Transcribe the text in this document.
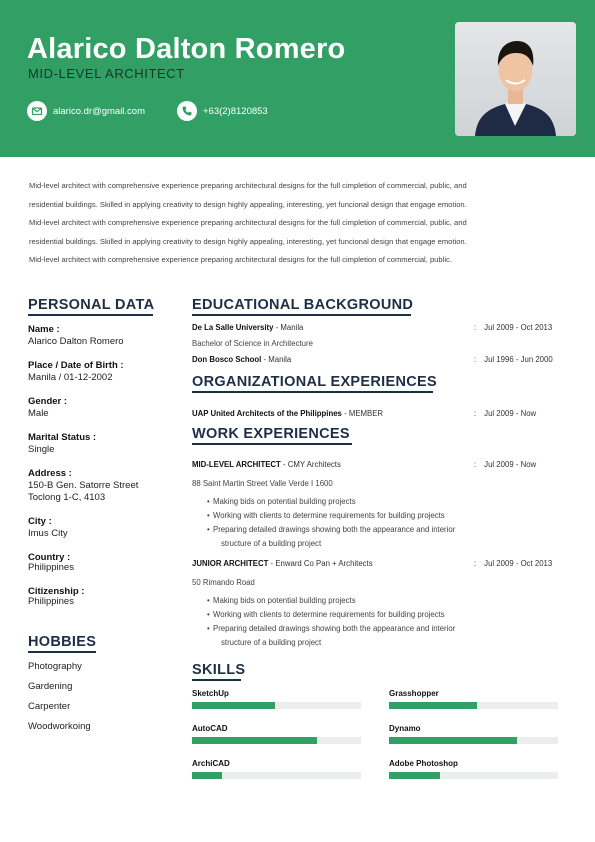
Alarico Dalton Romero
MID-LEVEL ARCHITECT
alarico.dr@gmail.com	+63(2)8120853

Mid-level architect with comprehensive experience preparing architectural designs for the full cimpletion of commercial, public, and

residential buildings. Skilled in applying creativity to design highly appealing, interesting, yet funcional design that engage emotion.

Mid-level architect with comprehensive experience preparing architectural designs for the full cimpletion of commercial, public, and

residential buildings. Skilled in applying creativity to design highly appealing, interesting, yet funcional design that engage emotion.

Mid-level architect with comprehensive experience preparing architectural designs for the full cimpletion of commercial, public.

PERSONAL DATA
Name :
Alarico Dalton Romero
Place / Date of Birth :
Manila / 01-12-2002
Gender :
Male
Marital Status :
Single
Address :
150-B Gen. Satorre Street
Toclong 1-C, 4103
City :
Imus City
Country :
Philippines
Citizenship :
Philippines
HOBBIES
Photography
Gardening
Carpenter
Woodworkoing
EDUCATIONAL BACKGROUND
De La Salle University - Manila	: Jul 2009 - Oct 2013
Bachelor of Science in Architecture
Don Bosco School - Manila	: Jul 1996 - Jun 2000
ORGANIZATIONAL EXPERIENCES
UAP United Architects of the Philippines - MEMBER	: Jul 2009 - Now
WORK EXPERIENCES
MID-LEVEL ARCHITECT - CMY Architects	: Jul 2009 - Now
88 Saint Martin Street Valle Verde I 1600
• Making bids on potential building projects
• Working with clients to determine requirements for building projects
• Preparing detailed drawings showing both the appearance and interior
structure of a building project
JUNIOR ARCHITECT - Enward Co Pan + Architects	: Jul 2009 - Oct 2013
50 Rimando Road
• Making bids on potential building projects
• Working with clients to determine requirements for building projects
• Preparing detailed drawings showing both the appearance and interior
structure of a building project
SKILLS
SketchUp	Grasshopper
AutoCAD	Dynamo
ArchiCAD	Adobe Photoshop
